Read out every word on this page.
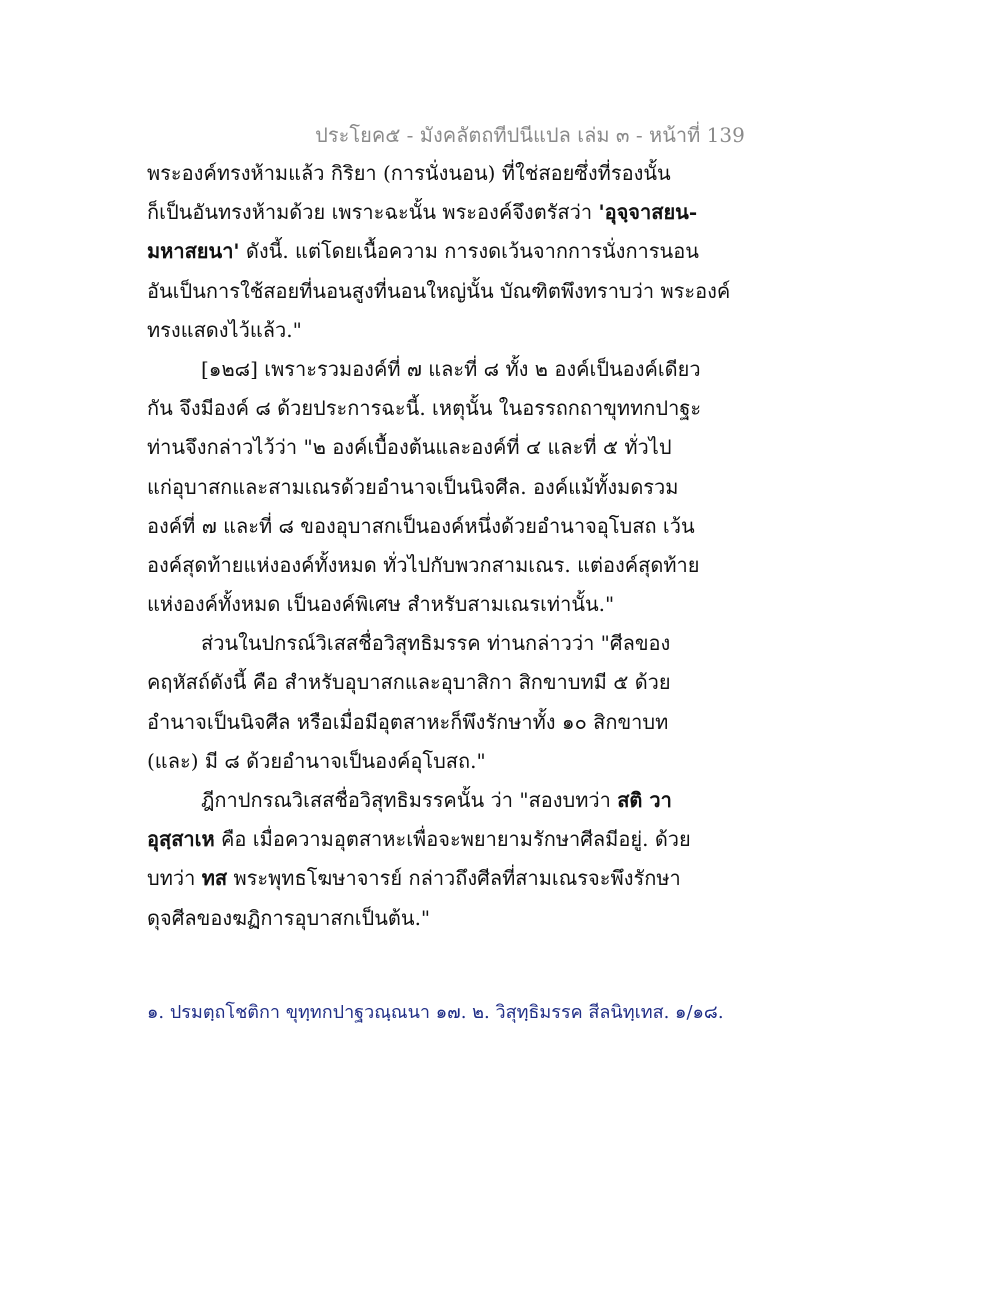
ประโยค๕ - มังคลัตถทีปนีแปล เล่ม ๓ - หน้าที่ 139
พระองค์ทรงห้ามแล้ว กิริยา (การนั่งนอน) ที่ใช่สอยซึ่งที่รองนั้น
ก็เป็นอันทรงห้ามด้วย เพราะฉะนั้น พระองค์จึงตรัสว่า 'อุจฺจาสยน-
มหาสยนา' ดังนี้. แต่โดยเนื้อความ การงดเว้นจากการนั่งการนอน
อันเป็นการใช้สอยที่นอนสูงที่นอนใหญ่นั้น บัณฑิตพึงทราบว่า พระองค์
ทรงแสดงไว้แล้ว."
[๑๒๘] เพราะรวมองค์ที่ ๗ และที่ ๘ ทั้ง ๒ องค์เป็นองค์เดียว
กัน จึงมีองค์ ๘ ด้วยประการฉะนี้. เหตุนั้น ในอรรถกถาขุททกปาฐะ
ท่านจึงกล่าวไว้ว่า "๒ องค์เบื้องต้นและองค์ที่ ๔ และที่ ๕ ทั่วไป
แก่อุบาสกและสามเณรด้วยอำนาจเป็นนิจศีล. องค์แม้ทั้งมดรวม
องค์ที่ ๗ และที่ ๘ ของอุบาสกเป็นองค์หนึ่งด้วยอำนาจอุโบสถ เว้น
องค์สุดท้ายแห่งองค์ทั้งหมด ทั่วไปกับพวกสามเณร. แต่องค์สุดท้าย
แห่งองค์ทั้งหมด เป็นองค์พิเศษ สำหรับสามเณรเท่านั้น."
ส่วนในปกรณ์วิเสสชื่อวิสุทธิมรรค ท่านกล่าวว่า "ศีลของ
คฤหัสถ์ดังนี้ คือ สำหรับอุบาสกและอุบาสิกา สิกขาบทมี ๕ ด้วย
อำนาจเป็นนิจศีล หรือเมื่อมีอุตสาหะก็พึงรักษาทั้ง ๑๐ สิกขาบท
(และ) มี ๘ ด้วยอำนาจเป็นองค์อุโบสถ."
ฎีกาปกรณวิเสสชื่อวิสุทธิมรรคนั้น ว่า "สองบทว่า สติ วา
อุสฺสาเห คือ เมื่อความอุตสาหะเพื่อจะพยายามรักษาศีลมีอยู่. ด้วย
บทว่า ทส พระพุทธโฆษาจารย์ กล่าวถึงศีลที่สามเณรจะพึงรักษา
ดุจศีลของฆฏิการอุบาสกเป็นต้น."
๑. ปรมตฺถโชติกา ขุทฺทกปาฐวณฺณนา ๑๗. ๒. วิสุทฺธิมรรค สีลนิทฺเทส. ๑/๑๘.
